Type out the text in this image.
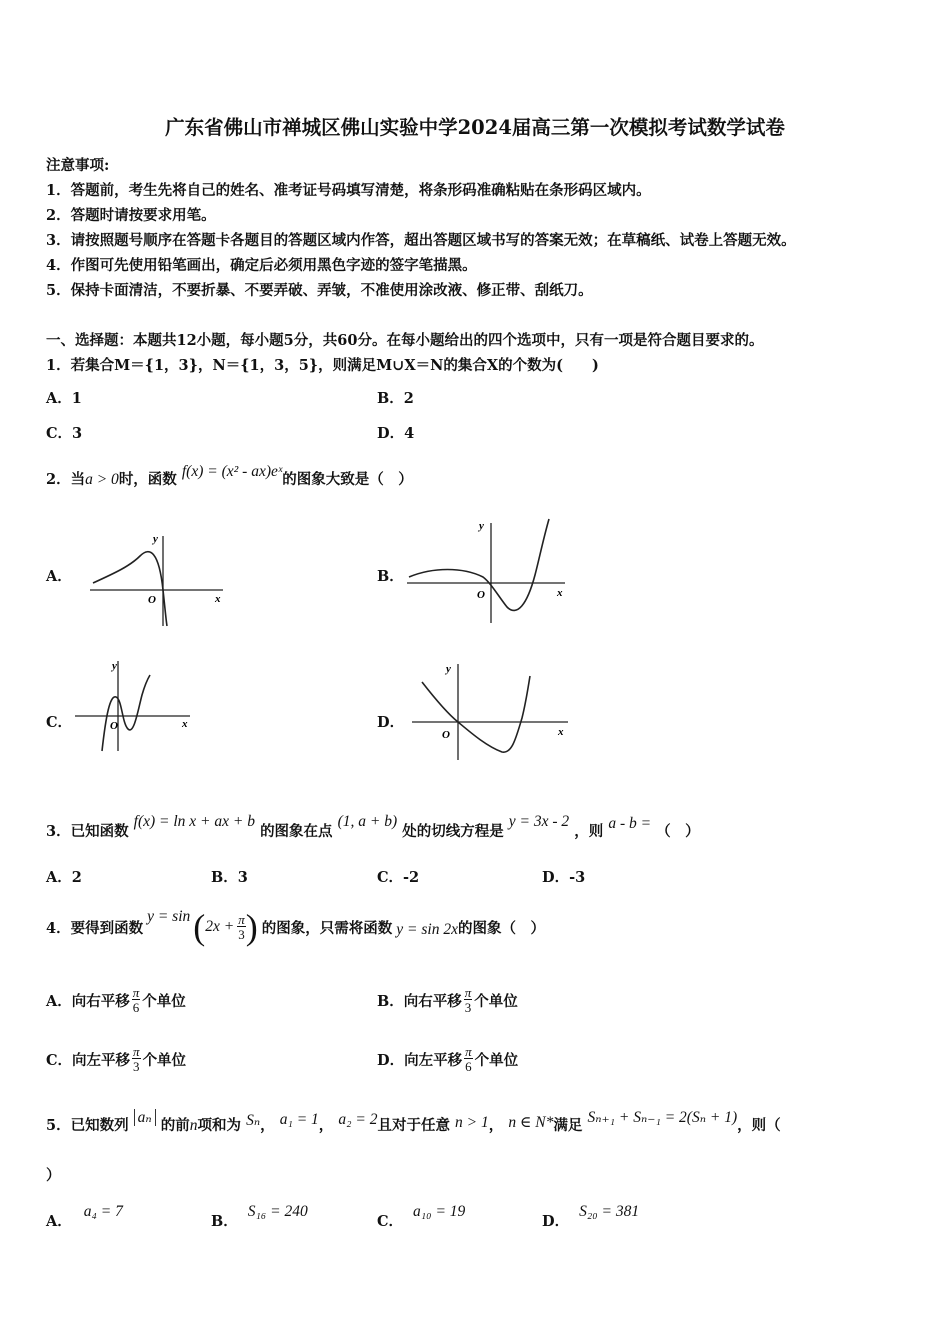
广东省佛山市禅城区佛山实验中学2024届高三第一次模拟考试数学试卷
注意事项:
1．答题前，考生先将自己的姓名、准考证号码填写清楚，将条形码准确粘贴在条形码区域内。
2．答题时请按要求用笔。
3．请按照题号顺序在答题卡各题目的答题区域内作答，超出答题区域书写的答案无效；在草稿纸、试卷上答题无效。
4．作图可先使用铅笔画出，确定后必须用黑色字迹的签字笔描黑。
5．保持卡面清洁，不要折暴、不要弄破、弄皱，不准使用涂改液、修正带、刮纸刀。
一、选择题：本题共12小题，每小题5分，共60分。在每小题给出的四个选项中，只有一项是符合题目要求的。
1．若集合M＝{1，3}，N＝{1，3，5}，则满足M∪X＝N的集合X的个数为(　　)
A．1	B．2
C．3	D．4
2．当a > 0时，函数 f(x) = (x² - ax)eˣ的图象大致是（　）
A．
y
x
O
B．
y
x
O
C．
y
x
O	D．
y
x
O
3．已知函数 f(x) = ln x + ax + b 的图象在点 (1, a + b) 处的切线方程是 y = 3x - 2 ，则 a - b = （　）
A．2	B．3	C．-2	D．-3
4．要得到函数
y = sin ( $2x + \frac{\pi}{3}$ ) 的图象，只需将函数 y = sin 2x 的图象（　）
A．向右平移 $\frac{\pi}{6}$ 个单位	B．向右平移 $\frac{\pi}{3}$ 个单位
C．向左平移 $\frac{\pi}{3}$ 个单位	D．向左平移 $\frac{\pi}{6}$ 个单位
5．已知数列 aₙ 的前n项和为 Sₙ， a₁ = 1， a₂ = 2且对于任意 n > 1， n ∈ N*满足 Sₙ₊₁ + Sₙ₋₁ = 2(Sₙ + 1)，则（
）
A．a₄ = 7
B．S₁₆ = 240
C．a₁₀ = 19
D．S₂₀ = 381
